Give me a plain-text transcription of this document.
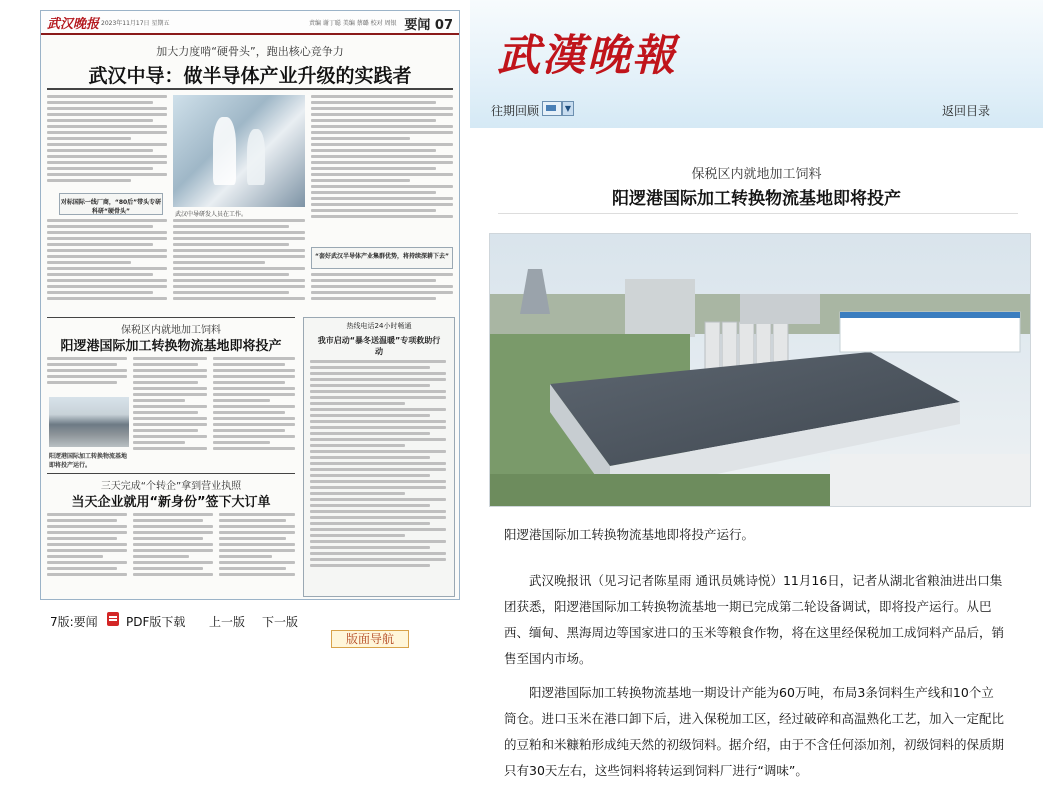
武汉晚报 2023年11月17日 星期五	责编 谢丁聪 美编 蔡璐 校对 周银 要闻 07
加大力度啃“硬骨头”，跑出核心竞争力
武汉中导：做半导体产业升级的实践者
对标国际一线厂商，“80后”带头专研科研“硬骨头”	武汉中导研发人员在工作。
“套好武汉半导体产业集群优势，将持续深耕下去”
保税区内就地加工饲料
阳逻港国际加工转换物流基地即将投产
阳逻港国际加工转换物流基地即将投产运行。
热线电话24小时畅通
我市启动“暴冬送温暖”专项救助行动
三天完成“个转企”拿到营业执照
当天企业就用“新身份”签下大订单
7版:要闻 PDF版下载 上一版 下一版
版面导航
武漢晚報
往期回顾	▼	返回目录
保税区内就地加工饲料
阳逻港国际加工转换物流基地即将投产
阳逻港国际加工转换物流基地即将投产运行。

武汉晚报讯（见习记者陈星雨 通讯员姚诗悦）11月16日，记者从湖北省粮油进出口集团获悉，阳逻港国际加工转换物流基地一期已完成第二轮设备调试，即将投产运行。从巴西、缅甸、黑海周边等国家进口的玉米等粮食作物，将在这里经保税加工成饲料产品后，销售至国内市场。

阳逻港国际加工转换物流基地一期设计产能为60万吨，布局3条饲料生产线和10个立筒仓。进口玉米在港口卸下后，进入保税加工区，经过破碎和高温熟化工艺，加入一定配比的豆粕和米糠粕形成纯天然的初级饲料。据介绍，由于不含任何添加剂，初级饲料的保质期只有30天左右，这些饲料将转运到饲料厂进行“调味”。
